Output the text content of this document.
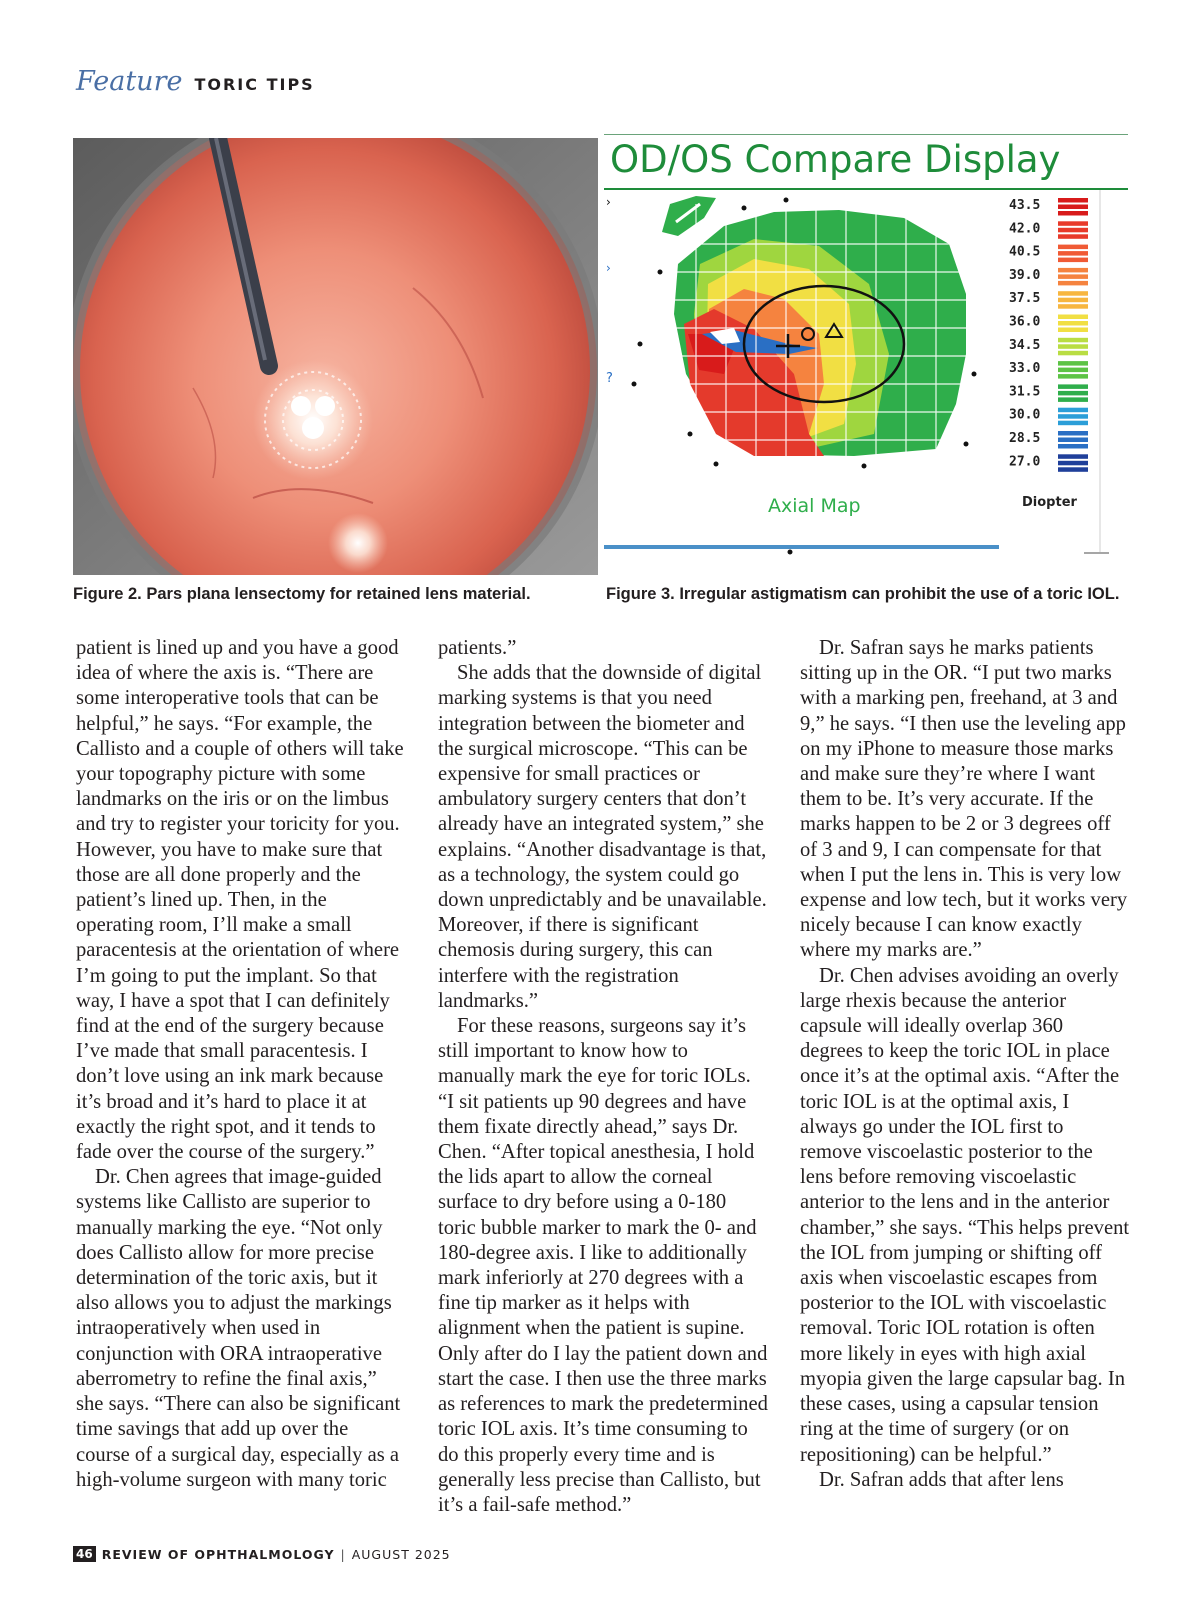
Feature TORIC TIPS
OD/OS Compare Display
›
›
?
Axial Map	Diopter
43.5
42.0
40.5
39.0
37.5
36.0
34.5
33.0
31.5
30.0
28.5
27.0
Figure 2. Pars plana lensectomy for retained lens material.	Figure 3. Irregular astigmatism can prohibit the use of a toric IOL.

patient is lined up and you have a good idea of where the axis is. “There are some interoperative tools that can be helpful,” he says. “For example, the Callisto and a couple of others will take your topography picture with some landmarks on the iris or on the limbus and try to register your toricity for you. However, you have to make sure that those are all done properly and the patient’s lined up. Then, in the operating room, I’ll make a small paracentesis at the orientation of where I’m going to put the implant. So that way, I have a spot that I can definitely find at the end of the surgery because I’ve made that small paracentesis. I don’t love using an ink mark because it’s broad and it’s hard to place it at exactly the right spot, and it tends to fade over the course of the surgery.”

Dr. Chen agrees that image-guided systems like Callisto are superior to manually marking the eye. “Not only does Callisto allow for more precise determination of the toric axis, but it also allows you to adjust the markings intraoperatively when used in conjunction with ORA intraoperative aberrometry to refine the final axis,” she says. “There can also be significant time savings that add up over the course of a surgical day, especially as a high-volume surgeon with many toric

patients.”

She adds that the downside of digital marking systems is that you need integration between the biometer and the surgical microscope. “This can be expensive for small practices or ambulatory surgery centers that don’t already have an integrated system,” she explains. “Another disadvantage is that, as a technology, the system could go down unpredictably and be unavailable. Moreover, if there is significant chemosis during surgery, this can interfere with the registration landmarks.”

For these reasons, surgeons say it’s still important to know how to manually mark the eye for toric IOLs. “I sit patients up 90 degrees and have them fixate directly ahead,” says Dr. Chen. “After topical anesthesia, I hold the lids apart to allow the corneal surface to dry before using a 0-180 toric bubble marker to mark the 0- and 180-degree axis. I like to additionally mark inferiorly at 270 degrees with a fine tip marker as it helps with alignment when the patient is supine. Only after do I lay the patient down and start the case. I then use the three marks as references to mark the predetermined toric IOL axis. It’s time consuming to do this properly every time and is generally less precise than Callisto, but it’s a fail-safe method.”

Dr. Safran says he marks patients sitting up in the OR. “I put two marks with a marking pen, freehand, at 3 and 9,” he says. “I then use the leveling app on my iPhone to measure those marks and make sure they’re where I want them to be. It’s very accurate. If the marks happen to be 2 or 3 degrees off of 3 and 9, I can compensate for that when I put the lens in. This is very low expense and low tech, but it works very nicely because I can know exactly where my marks are.”

Dr. Chen advises avoiding an overly large rhexis because the anterior capsule will ideally overlap 360 degrees to keep the toric IOL in place once it’s at the optimal axis. “After the toric IOL is at the optimal axis, I always go under the IOL first to remove viscoelastic posterior to the lens before removing viscoelastic anterior to the lens and in the anterior chamber,” she says. “This helps prevent the IOL from jumping or shifting off axis when viscoelastic escapes from posterior to the IOL with viscoelastic removal. Toric IOL rotation is often more likely in eyes with high axial myopia given the large capsular bag. In these cases, using a capsular tension ring at the time of surgery (or on repositioning) can be helpful.”

Dr. Safran adds that after lens

46 REVIEW OF OPHTHALMOLOGY | AUGUST 2025
